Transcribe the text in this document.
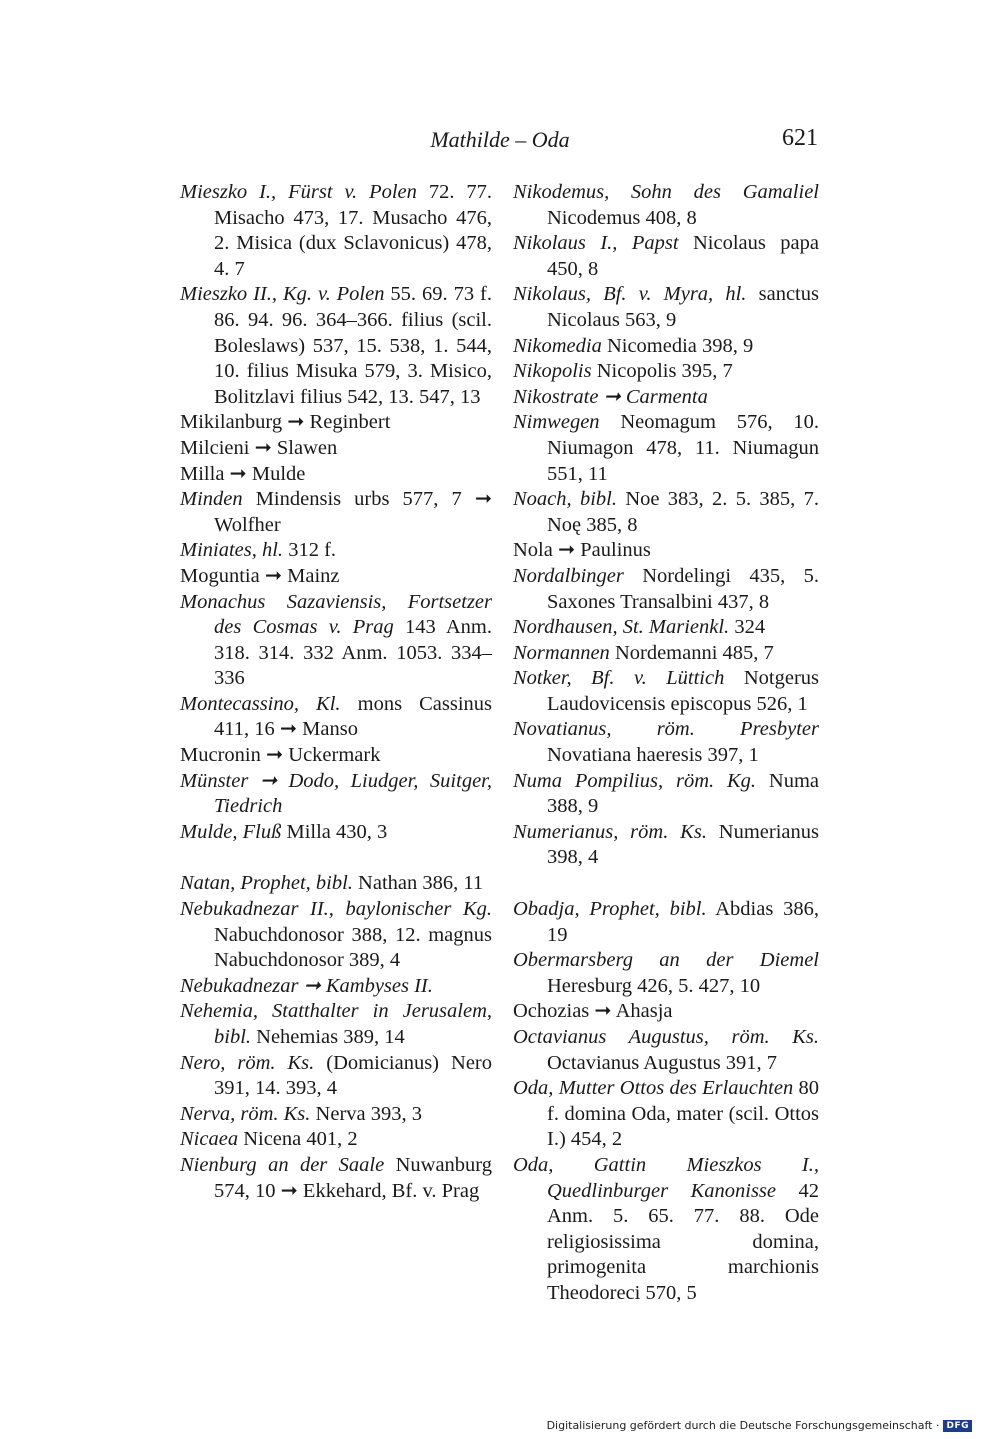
Mathilde – Oda	621

Mieszko I., Fürst v. Polen 72. 77. Misacho 473, 17. Musacho 476, 2. Misica (dux Sclavonicus) 478, 4. 7

Mieszko II., Kg. v. Polen 55. 69. 73 f. 86. 94. 96. 364–366. filius (scil. Boleslaws) 537, 15. 538, 1. 544, 10. filius Misuka 579, 3. Misico, Bolitzlavi filius 542, 13. 547, 13

Mikilanburg ➞ Reginbert

Milcieni ➞ Slawen

Milla ➞ Mulde

Minden Mindensis urbs 577, 7 ➞ Wolfher

Miniates, hl. 312 f.

Moguntia ➞ Mainz

Monachus Sazaviensis, Fortsetzer des Cosmas v. Prag 143 Anm. 318. 314. 332 Anm. 1053. 334–336

Montecassino, Kl. mons Cassinus 411, 16 ➞ Manso

Mucronin ➞ Uckermark

Münster ➞ Dodo, Liudger, Suitger, Tiedrich

Mulde, Fluß Milla 430, 3

Natan, Prophet, bibl. Nathan 386, 11

Nebukadnezar II., baylonischer Kg. Nabuchdonosor 388, 12. magnus Nabuchdonosor 389, 4

Nebukadnezar ➞ Kambyses II.

Nehemia, Statthalter in Jerusalem, bibl. Nehemias 389, 14

Nero, röm. Ks. (Domicianus) Nero 391, 14. 393, 4

Nerva, röm. Ks. Nerva 393, 3

Nicaea Nicena 401, 2

Nienburg an der Saale Nuwanburg 574, 10 ➞ Ekkehard, Bf. v. Prag

Nikodemus, Sohn des Gamaliel Nicodemus 408, 8

Nikolaus I., Papst Nicolaus papa 450, 8

Nikolaus, Bf. v. Myra, hl. sanctus Nicolaus 563, 9

Nikomedia Nicomedia 398, 9

Nikopolis Nicopolis 395, 7

Nikostrate ➞ Carmenta

Nimwegen Neomagum 576, 10. Niumagon 478, 11. Niumagun 551, 11

Noach, bibl. Noe 383, 2. 5. 385, 7. Noę 385, 8

Nola ➞ Paulinus

Nordalbinger Nordelingi 435, 5. Saxones Transalbini 437, 8

Nordhausen, St. Marienkl. 324

Normannen Nordemanni 485, 7

Notker, Bf. v. Lüttich Notgerus Laudovicensis episcopus 526, 1

Novatianus, röm. Presbyter Novatiana haeresis 397, 1

Numa Pompilius, röm. Kg. Numa 388, 9

Numerianus, röm. Ks. Numerianus 398, 4

Obadja, Prophet, bibl. Abdias 386, 19

Obermarsberg an der Diemel Heresburg 426, 5. 427, 10

Ochozias ➞ Ahasja

Octavianus Augustus, röm. Ks. Octavianus Augustus 391, 7

Oda, Mutter Ottos des Erlauchten 80 f. domina Oda, mater (scil. Ottos I.) 454, 2

Oda, Gattin Mieszkos I., Quedlinburger Kanonisse 42 Anm. 5. 65. 77. 88. Ode religiosissima domina, primogenita marchionis Theodoreci 570, 5

Digitalisierung gefördert durch die Deutsche Forschungsgemeinschaft · DFG
